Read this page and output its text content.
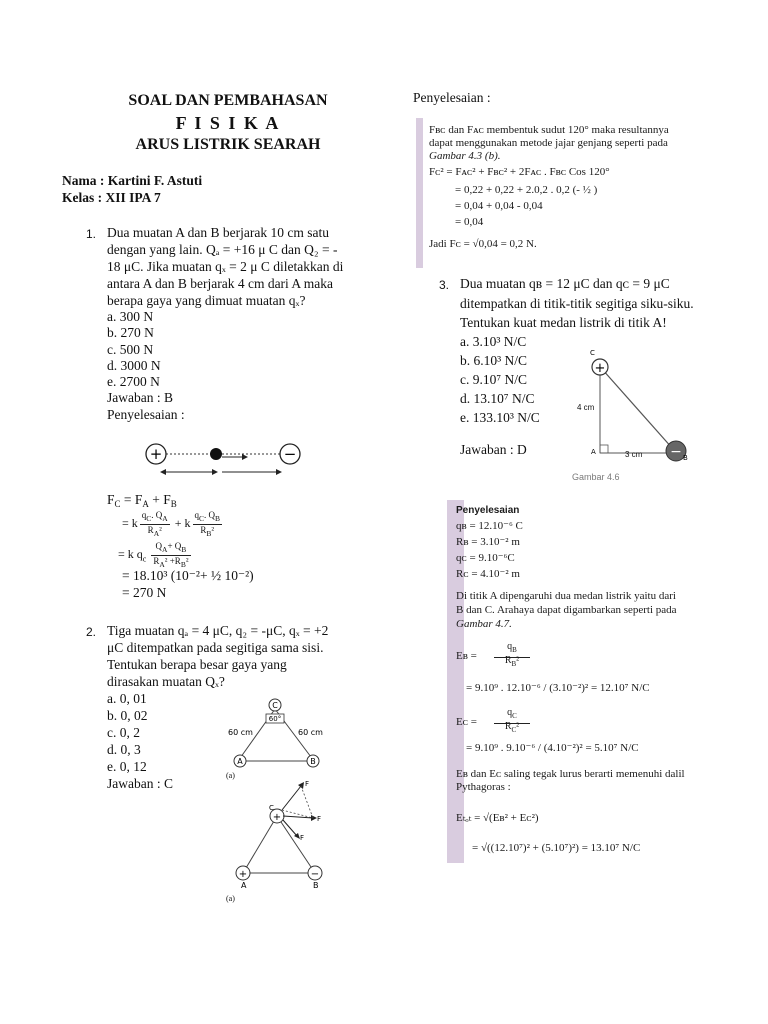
SOAL DAN PEMBAHASAN
F I S I K A
ARUS LISTRIK SEARAH
Nama : Kartini F. Astuti
Kelas : XII IPA 7
1. Dua muatan A dan B berjarak 10 cm satu
dengan yang lain. Qₐ = +16 μ C dan Q₂ = -
18 μC. Jika muatan qₓ = 2 μ C diletakkan di
antara A dan B berjarak 4 cm dari A maka
berapa gaya yang dimuat muatan qₓ?
a. 300 N
b. 270 N
c. 500 N
d. 3000 N
e. 2700 N
Jawaban : B
Penyelesaian :
+	−
$F_C = F_A + F_B$
= k $\frac{q_C. Q_A}{R_A^2} + k \frac{q_C. Q_B}{R_B^2}$
= k $q_c \frac{Q_A+ Q_B}{R_A^2 +R_B^2}$
= 18.10³ (10⁻²+ ½ 10⁻²)
= 270 N
2. Tiga muatan qₐ = 4 μC, q₂ = -μC, qₓ = +2
μC ditempatkan pada segitiga sama sisi.
Tentukan berapa besar gaya yang
dirasakan muatan Qₓ?
a. 0, 01
b. 0, 02
c. 0, 2
d. 0, 3
e. 0, 12
Jawaban : C
C
60°
60 cm	60 cm
A	B
(a)
+
+	−
F
F
F
C
A	B
(a)
Penyelesaian :
Fʙᴄ dan Fᴀᴄ membentuk sudut 120° maka resultannya
dapat menggunakan metode jajar genjang seperti pada
Gambar 4.3 (b).
Fᴄ² = Fᴀᴄ² + Fʙᴄ² + 2Fᴀᴄ . Fʙᴄ Cos 120°
= 0,22 + 0,22 + 2.0,2 . 0,2 (- ½ )
= 0,04 + 0,04 - 0,04
= 0,04
Jadi Fᴄ = √0,04 = 0,2 N.
3. Dua muatan qʙ = 12 μC dan qᴄ = 9 μC
ditempatkan di titik-titik segitiga siku-siku.
Tentukan kuat medan listrik di titik A!
a. 3.10³ N/C
b. 6.10³ N/C
c. 9.10⁷ N/C
d. 13.10⁷ N/C
e. 133.10³ N/C
Jawaban : D
+
−
C
A
B
4 cm
3 cm
Gambar 4.6
Penyelesaian
qʙ = 12.10⁻⁶ C
Rʙ = 3.10⁻² m
qᴄ = 9.10⁻⁶C
Rᴄ = 4.10⁻² m
Di titik A dipengaruhi dua medan listrik yaitu dari
B dan C. Arahaya dapat digambarkan seperti pada
Gambar 4.7.
Eʙ =
$q_B$
$R_B^2$
= 9.10⁹ . 12.10⁻⁶ / (3.10⁻²)² = 12.10⁷ N/C
Eᴄ =
$q_C$
$R_C^2$
= 9.10⁹ . 9.10⁻⁶ / (4.10⁻²)² = 5.10⁷ N/C
Eʙ dan Eᴄ saling tegak lurus berarti memenuhi dalil
Pythagoras :
Eₜₒₜ = √(Eʙ² + Eᴄ²)
= √((12.10⁷)² + (5.10⁷)²) = 13.10⁷ N/C
